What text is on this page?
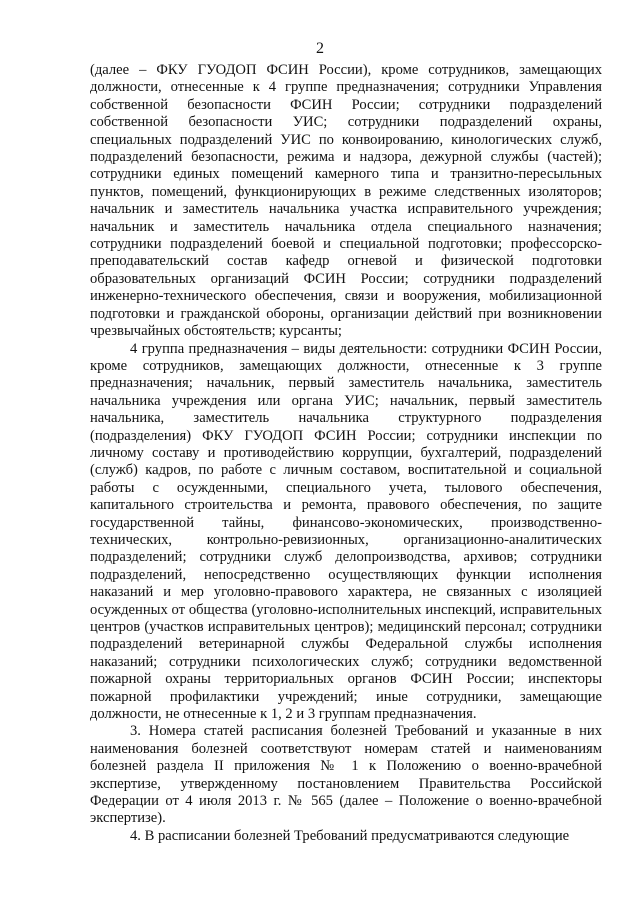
2

(далее – ФКУ ГУОДОП ФСИН России), кроме сотрудников, замещающих должности, отнесенные к 4 группе предназначения; сотрудники Управления собственной безопасности ФСИН России; сотрудники подразделений собственной безопасности УИС; сотрудники подразделений охраны, специальных подразделений УИС по конвоированию, кинологических служб, подразделений безопасности, режима и надзора, дежурной службы (частей); сотрудники единых помещений камерного типа и транзитно-пересыльных пунктов, помещений, функционирующих в режиме следственных изоляторов; начальник и заместитель начальника участка исправительного учреждения; начальник и заместитель начальника отдела специального назначения; сотрудники подразделений боевой и специальной подготовки; профессорско-преподавательский состав кафедр огневой и физической подготовки образовательных организаций ФСИН России; сотрудники подразделений инженерно-технического обеспечения, связи и вооружения, мобилизационной подготовки и гражданской обороны, организации действий при возникновении чрезвычайных обстоятельств; курсанты;

4 группа предназначения – виды деятельности: сотрудники ФСИН России, кроме сотрудников, замещающих должности, отнесенные к 3 группе предназначения; начальник, первый заместитель начальника, заместитель начальника учреждения или органа УИС; начальник, первый заместитель начальника, заместитель начальника структурного подразделения (подразделения) ФКУ ГУОДОП ФСИН России; сотрудники инспекции по личному составу и противодействию коррупции, бухгалтерий, подразделений (служб) кадров, по работе с личным составом, воспитательной и социальной работы с осужденными, специального учета, тылового обеспечения, капитального строительства и ремонта, правового обеспечения, по защите государственной тайны, финансово-экономических, производственно-технических, контрольно-ревизионных, организационно-аналитических подразделений; сотрудники служб делопроизводства, архивов; сотрудники подразделений, непосредственно осуществляющих функции исполнения наказаний и мер уголовно-правового характера, не связанных с изоляцией осужденных от общества (уголовно-исполнительных инспекций, исправительных центров (участков исправительных центров); медицинский персонал; сотрудники подразделений ветеринарной службы Федеральной службы исполнения наказаний; сотрудники психологических служб; сотрудники ведомственной пожарной охраны территориальных органов ФСИН России; инспекторы пожарной профилактики учреждений; иные сотрудники, замещающие должности, не отнесенные к 1, 2 и 3 группам предназначения.

3. Номера статей расписания болезней Требований и указанные в них наименования болезней соответствуют номерам статей и наименованиям болезней раздела II приложения № 1 к Положению о военно-врачебной экспертизе, утвержденному постановлением Правительства Российской Федерации от 4 июля 2013 г. № 565 (далее – Положение о военно-врачебной экспертизе).

4. В расписании болезней Требований предусматриваются следующие
